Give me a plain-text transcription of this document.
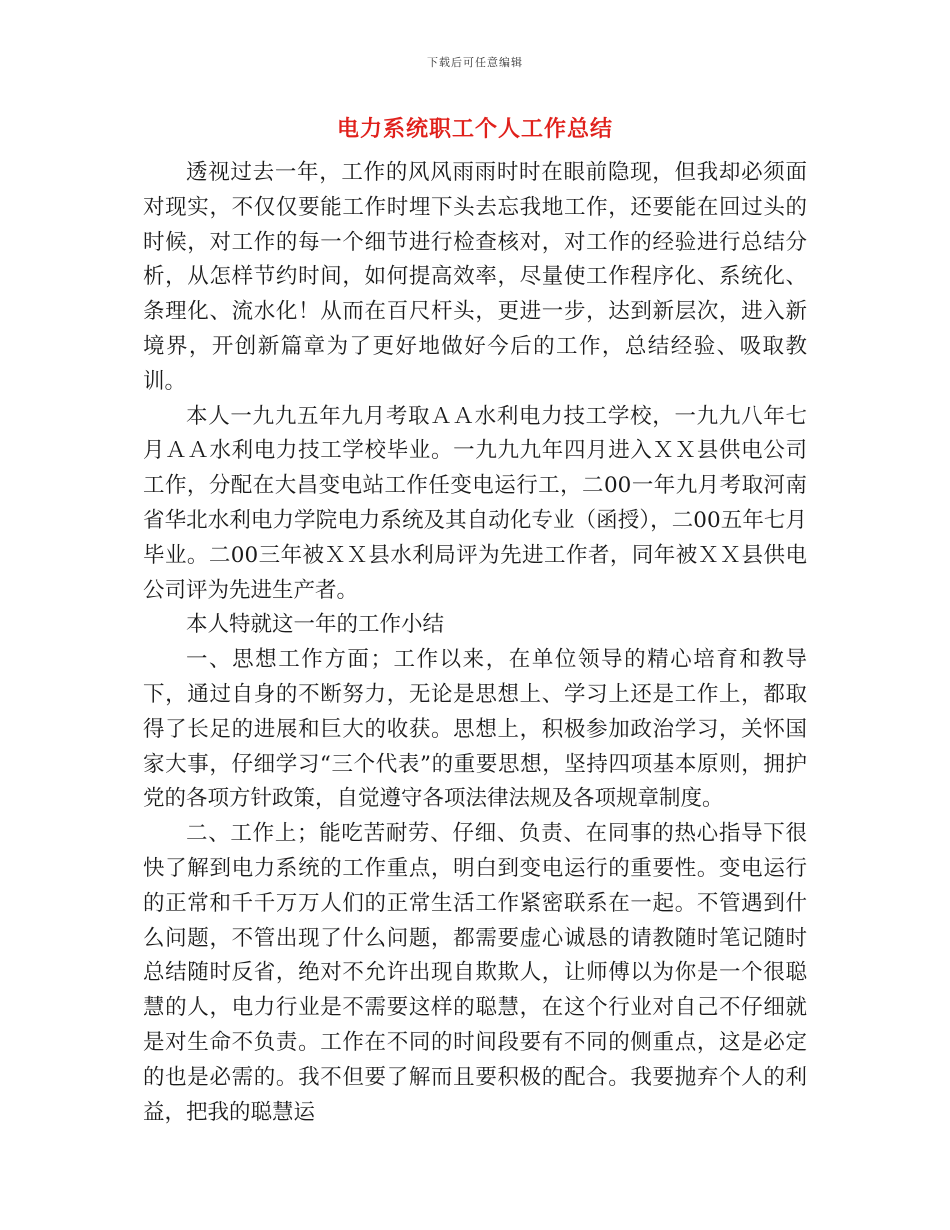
下载后可任意编辑
电力系统职工个人工作总结

透视过去一年，工作的风风雨雨时时在眼前隐现，但我却必须面对现实，不仅仅要能工作时埋下头去忘我地工作，还要能在回过头的时候，对工作的每一个细节进行检查核对，对工作的经验进行总结分析，从怎样节约时间，如何提高效率，尽量使工作程序化、系统化、条理化、流水化！从而在百尺杆头，更进一步，达到新层次，进入新境界，开创新篇章为了更好地做好今后的工作，总结经验、吸取教训。

本人一九九五年九月考取ＡＡ水利电力技工学校，一九九八年七月ＡＡ水利电力技工学校毕业。一九九九年四月进入ＸＸ县供电公司工作，分配在大昌变电站工作任变电运行工，二00一年九月考取河南省华北水利电力学院电力系统及其自动化专业（函授），二00五年七月毕业。二00三年被ＸＸ县水利局评为先进工作者，同年被ＸＸ县供电公司评为先进生产者。

本人特就这一年的工作小结

一、思想工作方面；工作以来，在单位领导的精心培育和教导下，通过自身的不断努力，无论是思想上、学习上还是工作上，都取得了长足的进展和巨大的收获。思想上，积极参加政治学习，关怀国家大事，仔细学习“三个代表”的重要思想，坚持四项基本原则，拥护党的各项方针政策，自觉遵守各项法律法规及各项规章制度。

二、工作上；能吃苦耐劳、仔细、负责、在同事的热心指导下很快了解到电力系统的工作重点，明白到变电运行的重要性。变电运行的正常和千千万万人们的正常生活工作紧密联系在一起。不管遇到什么问题，不管出现了什么问题，都需要虚心诚恳的请教随时笔记随时总结随时反省，绝对不允许出现自欺欺人，让师傅以为你是一个很聪慧的人，电力行业是不需要这样的聪慧，在这个行业对自己不仔细就是对生命不负责。工作在不同的时间段要有不同的侧重点，这是必定的也是必需的。我不但要了解而且要积极的配合。我要抛弃个人的利益，把我的聪慧运
